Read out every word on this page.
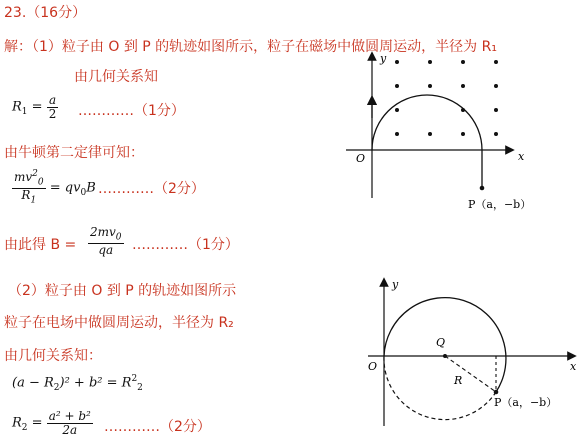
23.（16分）
解：（1）粒子由 O 到 P 的轨迹如图所示，粒子在磁场中做圆周运动，半径为 R₁
由几何关系知
$R_1 = \frac{a}{2}$ …………（1分）
由牛顿第二定律可知：
$\frac{mv^2_0}{R_1} = qv_0B$ …………（2分）
由此得 $B = \frac{2mv_0}{qa}$ …………（1分）
（2）粒子由 O 到 P 的轨迹如图所示
粒子在电场中做圆周运动，半径为 R₂
由几何关系知：
$(a - R_2)^2 + b^2 = R^2_2$
$R_2 = \frac{\text{a² + b²}}{2a}$ …………（2分）
y
x
O
P（a，−b）
y
x
O
Q
R
P（a，−b）
